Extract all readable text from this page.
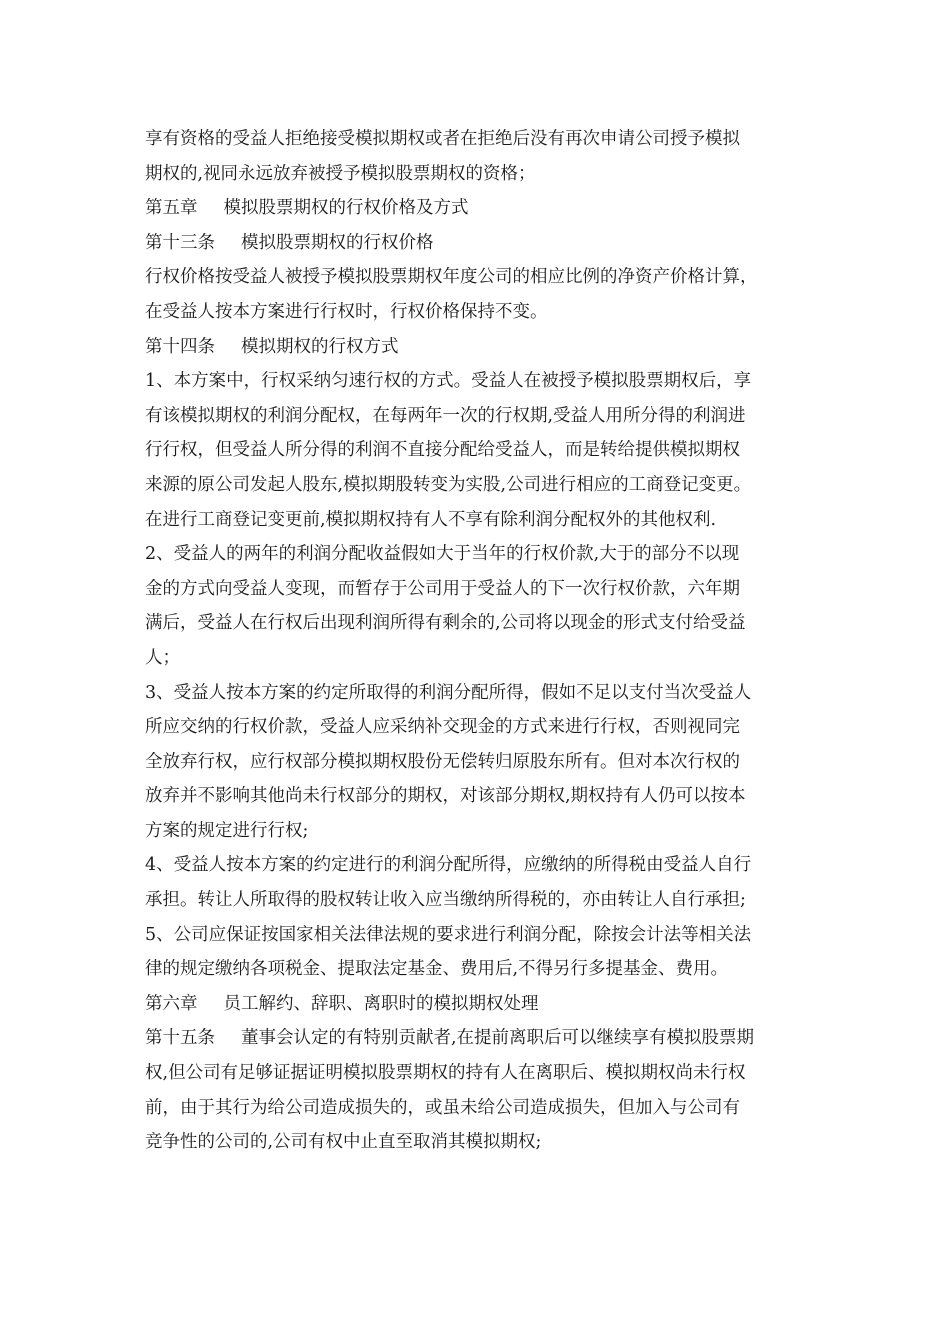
享有资格的受益人拒绝接受模拟期权或者在拒绝后没有再次申请公司授予模拟
期权的,视同永远放弃被授予模拟股票期权的资格；
第五章 模拟股票期权的行权价格及方式
第十三条 模拟股票期权的行权价格
行权价格按受益人被授予模拟股票期权年度公司的相应比例的净资产价格计算，
在受益人按本方案进行行权时，行权价格保持不变。
第十四条 模拟期权的行权方式
1、本方案中，行权采纳匀速行权的方式。受益人在被授予模拟股票期权后，享
有该模拟期权的利润分配权，在每两年一次的行权期,受益人用所分得的利润进
行行权，但受益人所分得的利润不直接分配给受益人，而是转给提供模拟期权
来源的原公司发起人股东,模拟期股转变为实股,公司进行相应的工商登记变更。
在进行工商登记变更前,模拟期权持有人不享有除利润分配权外的其他权利.
2、受益人的两年的利润分配收益假如大于当年的行权价款,大于的部分不以现
金的方式向受益人变现，而暂存于公司用于受益人的下一次行权价款，六年期
满后，受益人在行权后出现利润所得有剩余的,公司将以现金的形式支付给受益
人；
3、受益人按本方案的约定所取得的利润分配所得，假如不足以支付当次受益人
所应交纳的行权价款，受益人应采纳补交现金的方式来进行行权，否则视同完
全放弃行权，应行权部分模拟期权股份无偿转归原股东所有。但对本次行权的
放弃并不影响其他尚未行权部分的期权，对该部分期权,期权持有人仍可以按本
方案的规定进行行权;
4、受益人按本方案的约定进行的利润分配所得，应缴纳的所得税由受益人自行
承担。转让人所取得的股权转让收入应当缴纳所得税的，亦由转让人自行承担;
5、公司应保证按国家相关法律法规的要求进行利润分配，除按会计法等相关法
律的规定缴纳各项税金、提取法定基金、费用后,不得另行多提基金、费用。
第六章 员工解约、辞职、离职时的模拟期权处理
第十五条 董事会认定的有特别贡献者,在提前离职后可以继续享有模拟股票期
权,但公司有足够证据证明模拟股票期权的持有人在离职后、模拟期权尚未行权
前，由于其行为给公司造成损失的，或虽未给公司造成损失，但加入与公司有
竞争性的公司的,公司有权中止直至取消其模拟期权;
